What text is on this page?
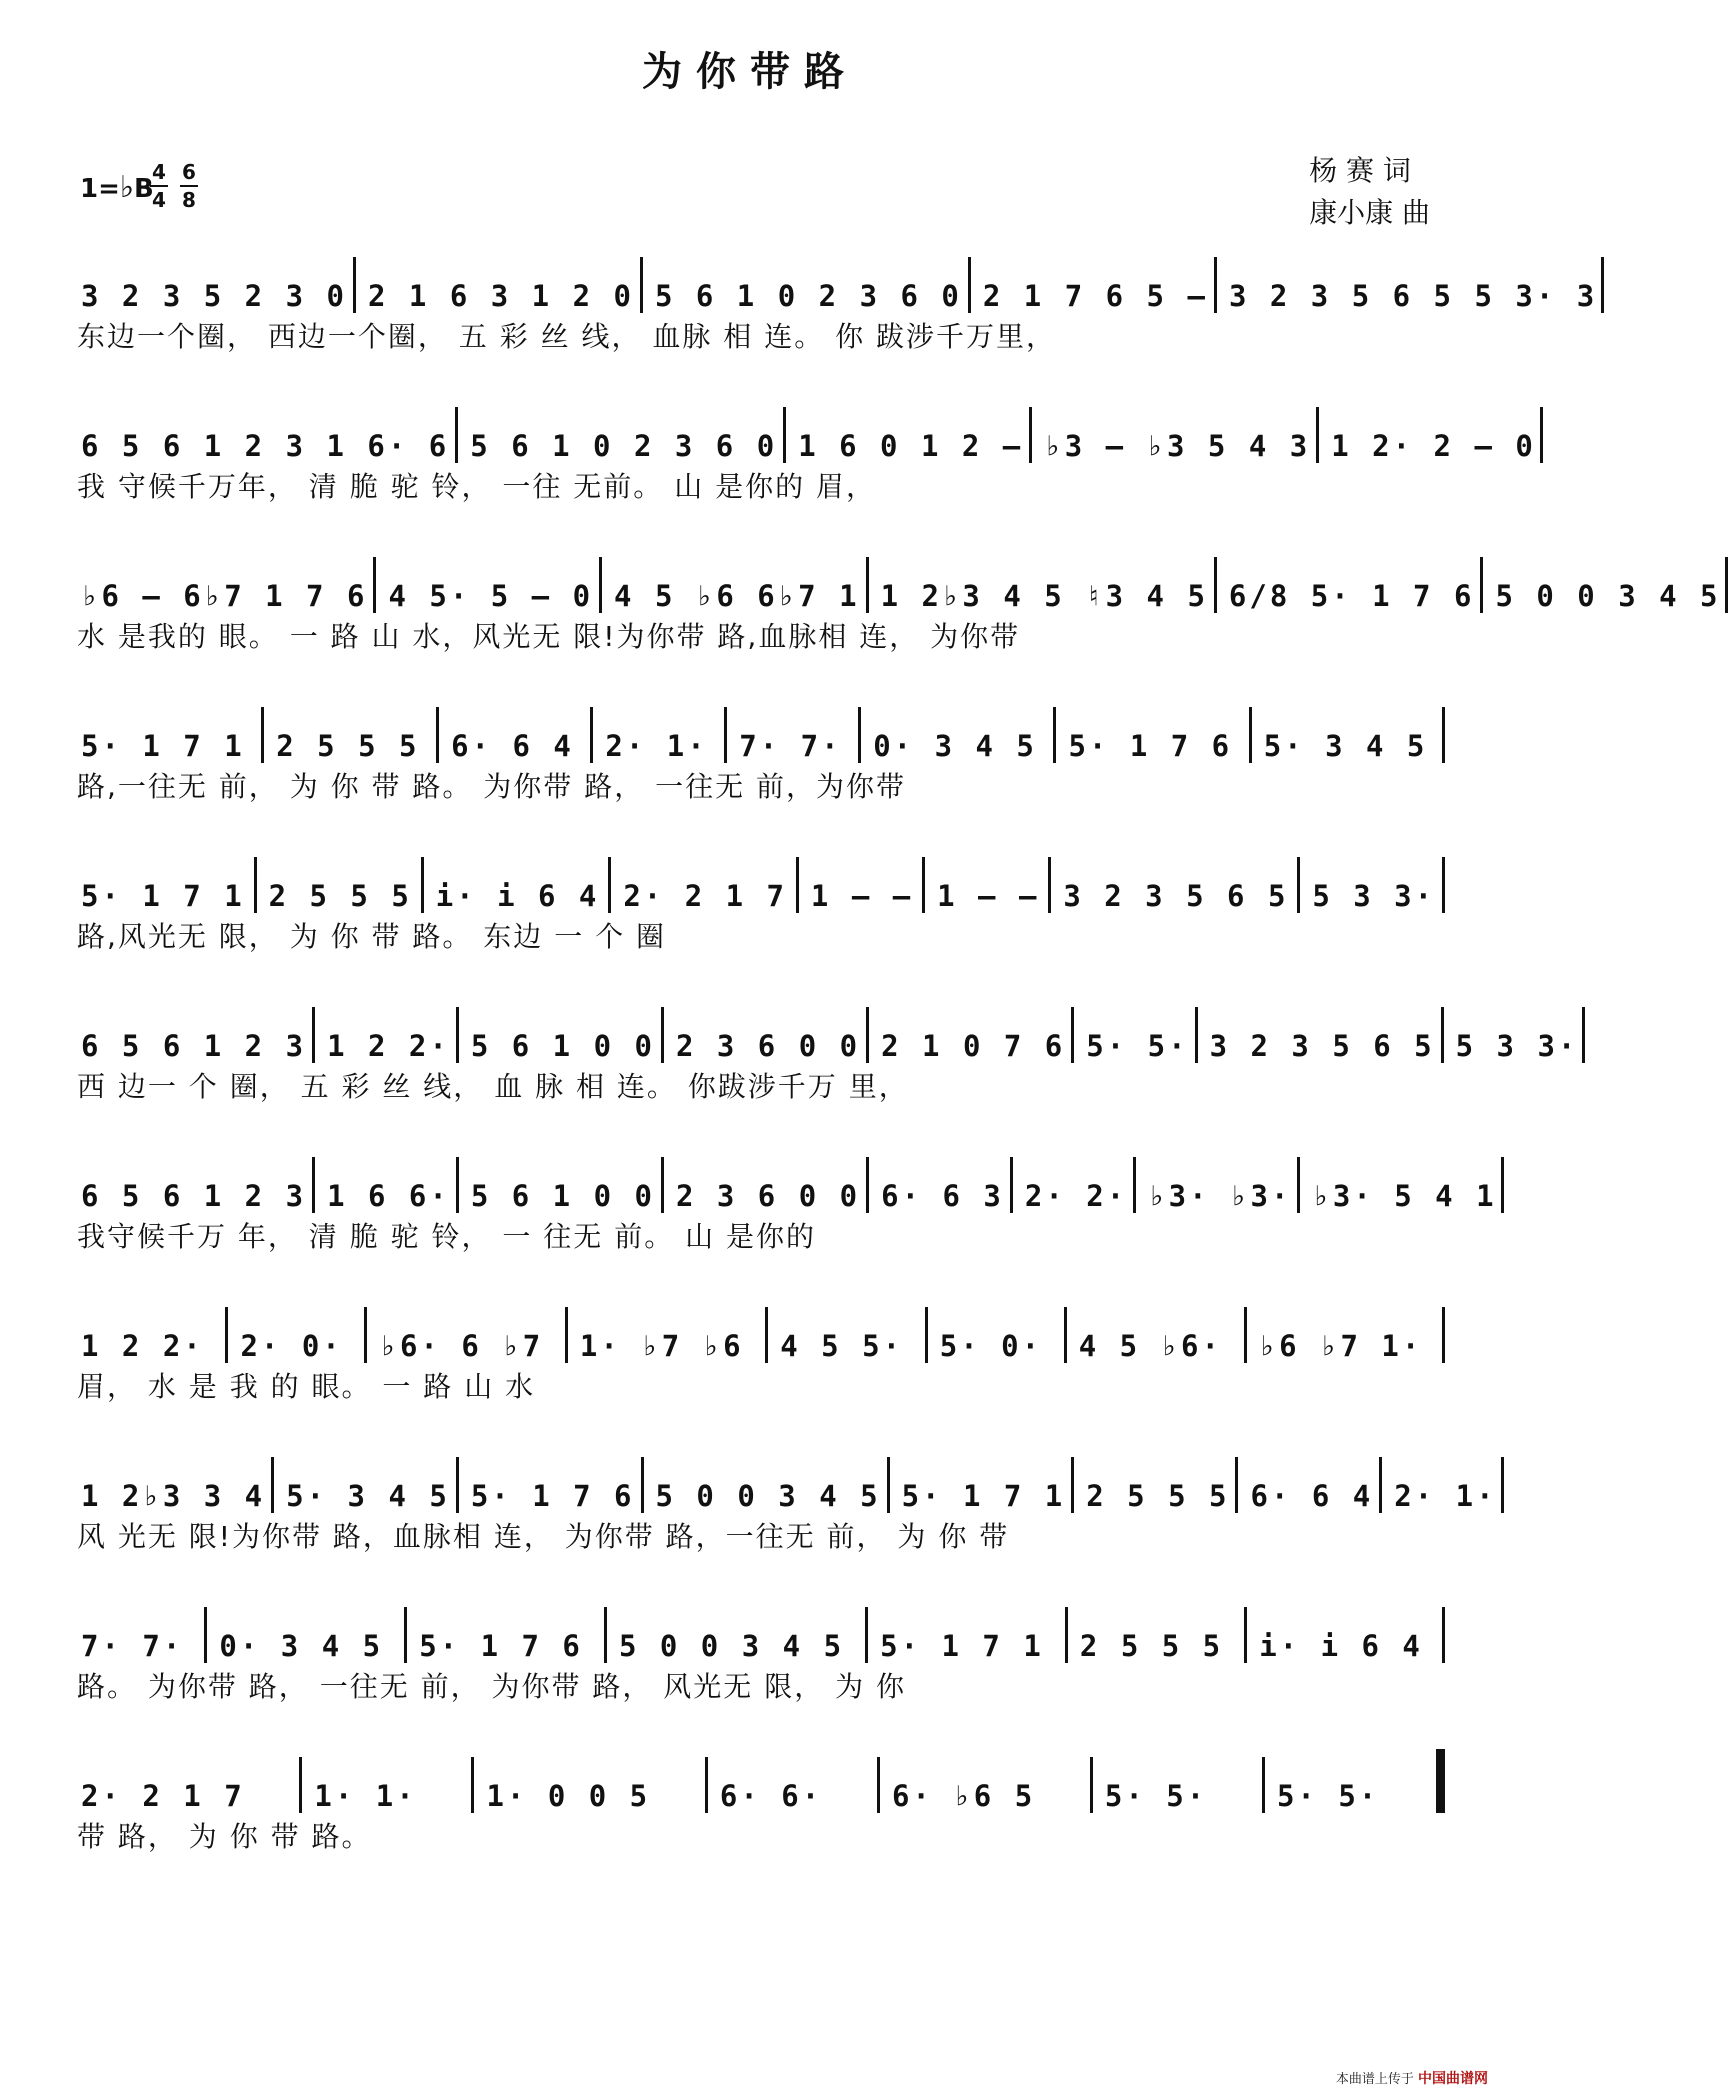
为你带路
1=♭B
4
4
6
8
杨 赛 词
康小康 曲
3 2 3 5 2 3 0 2 1 6 3 1 2 0 5 6 1 0 2 3 6 0 2 1 7 6 5 – 3 2 3 5 6 5 5 3· 3
东边一个圈， 西边一个圈， 五 彩 丝 线， 血脉 相 连。 你 跋涉千万里，
6 5 6 1 2 3 1 6· 6 5 6 1 0 2 3 6 0 1 6 0 1 2 – ♭3 – ♭3 5 4 3 1 2· 2 – 0
我 守候千万年， 清 脆 驼 铃， 一往 无前。 山 是你的 眉，
♭6 – 6♭7 1 7 6 4 5· 5 – 0 4 5 ♭6 6♭7 1 1 2♭3 4 5 ♮3 4 5 6/8 5· 1 7 6 5 0 0 3 4 5
水 是我的 眼。 一 路 山 水，风光无 限!为你带 路,血脉相 连， 为你带
5· 1 7 1	2 5 5 5	6· 6 4	2· 1·	7· 7·	0· 3 4 5	5· 1 7 6	5· 3 4 5
路,一往无 前， 为 你 带 路。 为你带 路， 一往无 前，为你带
5· 1 7 1 2 5 5 5 i· i 6 4 2· 2 1 7 1 – – 1 – – 3 2 3 5 6 5 5 3 3·
路,风光无 限， 为 你 带 路。 东边 一 个 圈
6 5 6 1 2 3 1 2 2· 5 6 1 0 0 2 3 6 0 0 2 1 0 7 6 5· 5· 3 2 3 5 6 5 5 3 3·
西 边一 个 圈， 五 彩 丝 线， 血 脉 相 连。 你跋涉千万 里，
6 5 6 1 2 3 1 6 6· 5 6 1 0 0 2 3 6 0 0 6· 6 3 2· 2· ♭3· ♭3· ♭3· 5 4 1
我守候千万 年， 清 脆 驼 铃， 一 往无 前。 山 是你的
1 2 2·	2· 0·	♭6· 6 ♭7	1· ♭7 ♭6	4 5 5·	5· 0·	4 5 ♭6·	♭6 ♭7 1·
眉， 水 是 我 的 眼。 一 路 山 水
1 2♭3 3 4 5· 3 4 5 5· 1 7 6 5 0 0 3 4 5 5· 1 7 1 2 5 5 5 6· 6 4 2· 1·
风 光无 限!为你带 路，血脉相 连， 为你带 路，一往无 前， 为 你 带
7· 7·	0· 3 4 5	5· 1 7 6	5 0 0 3 4 5	5· 1 7 1	2 5 5 5	i· i 6 4
路。 为你带 路， 一往无 前， 为你带 路， 风光无 限， 为 你
2· 2 1 7	1· 1·	1· 0 0 5	6· 6·	6· ♭6 5	5· 5·	5· 5·
带 路， 为 你 带 路。
本曲谱上传于 中国曲谱网
